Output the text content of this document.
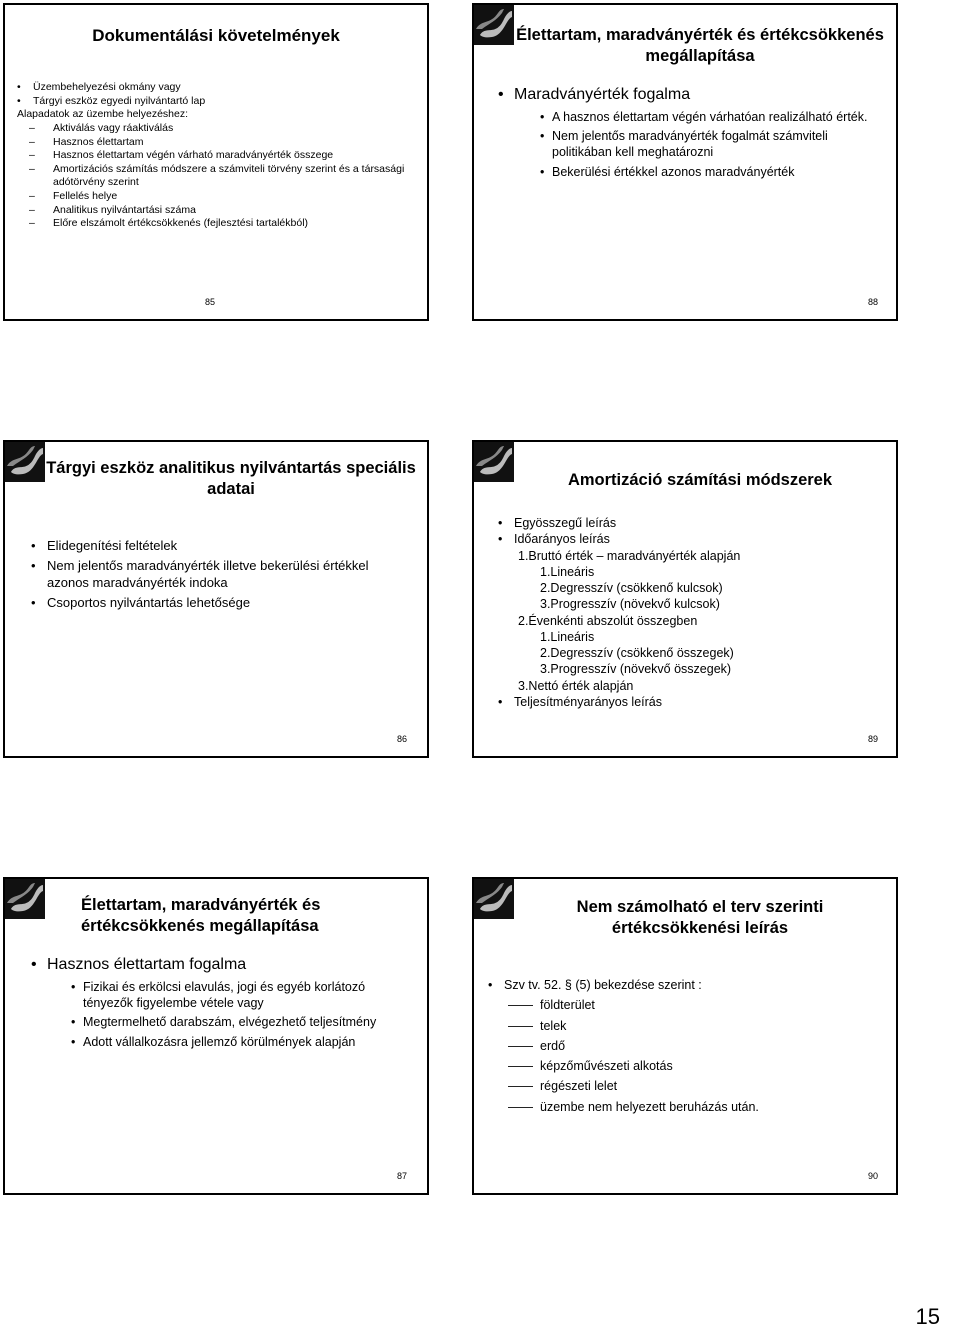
Dokumentálási követelmények
• Üzembehelyezési okmány vagy
• Tárgyi eszköz egyedi nyilvántartó lap
Alapadatok az üzembe helyezéshez:
– Aktiválás vagy ráaktiválás
– Hasznos élettartam
– Hasznos élettartam végén várható maradványérték összege
– Amortizációs számítás módszere a számviteli törvény szerint és a társasági adótörvény szerint
– Fellelés helye
– Analitikus nyilvántartási száma
– Előre elszámolt értékcsökkenés (fejlesztési tartalékból)
85
Élettartam, maradványérték és értékcsökkenés megállapítása
• Maradványérték fogalma
• A hasznos élettartam végén várhatóan realizálható érték.
• Nem jelentős maradványérték fogalmát számviteli politikában kell meghatározni
• Bekerülési értékkel azonos maradványérték
88
Tárgyi eszköz analitikus nyilvántartás speciális adatai
• Elidegenítési feltételek
• Nem jelentős maradványérték illetve bekerülési értékkel azonos maradványérték indoka
• Csoportos nyilvántartás lehetősége
86
Amortizáció számítási módszerek
• Egyösszegű leírás
• Időarányos leírás
1.Bruttó érték – maradványérték alapján
1.Lineáris
2.Degresszív (csökkenő kulcsok)
3.Progresszív (növekvő kulcsok)
2.Évenkénti abszolút összegben
1.Lineáris
2.Degresszív (csökkenő összegek)
3.Progresszív (növekvő összegek)
3.Nettó érték alapján
• Teljesítményarányos leírás
89
Élettartam, maradványérték és értékcsökkenés megállapítása
• Hasznos élettartam fogalma
• Fizikai és erkölcsi elavulás, jogi és egyéb korlátozó tényezők figyelembe vétele vagy
• Megtermelhető darabszám, elvégezhető teljesítmény
• Adott vállalkozásra jellemző körülmények alapján
87
Nem számolható el terv szerinti értékcsökkenési leírás
• Szv tv. 52. § (5) bekezdése szerint :
—— földterület
—— telek
—— erdő
—— képzőművészeti alkotás
—— régészeti lelet
—— üzembe nem helyezett beruházás után.
90
15
